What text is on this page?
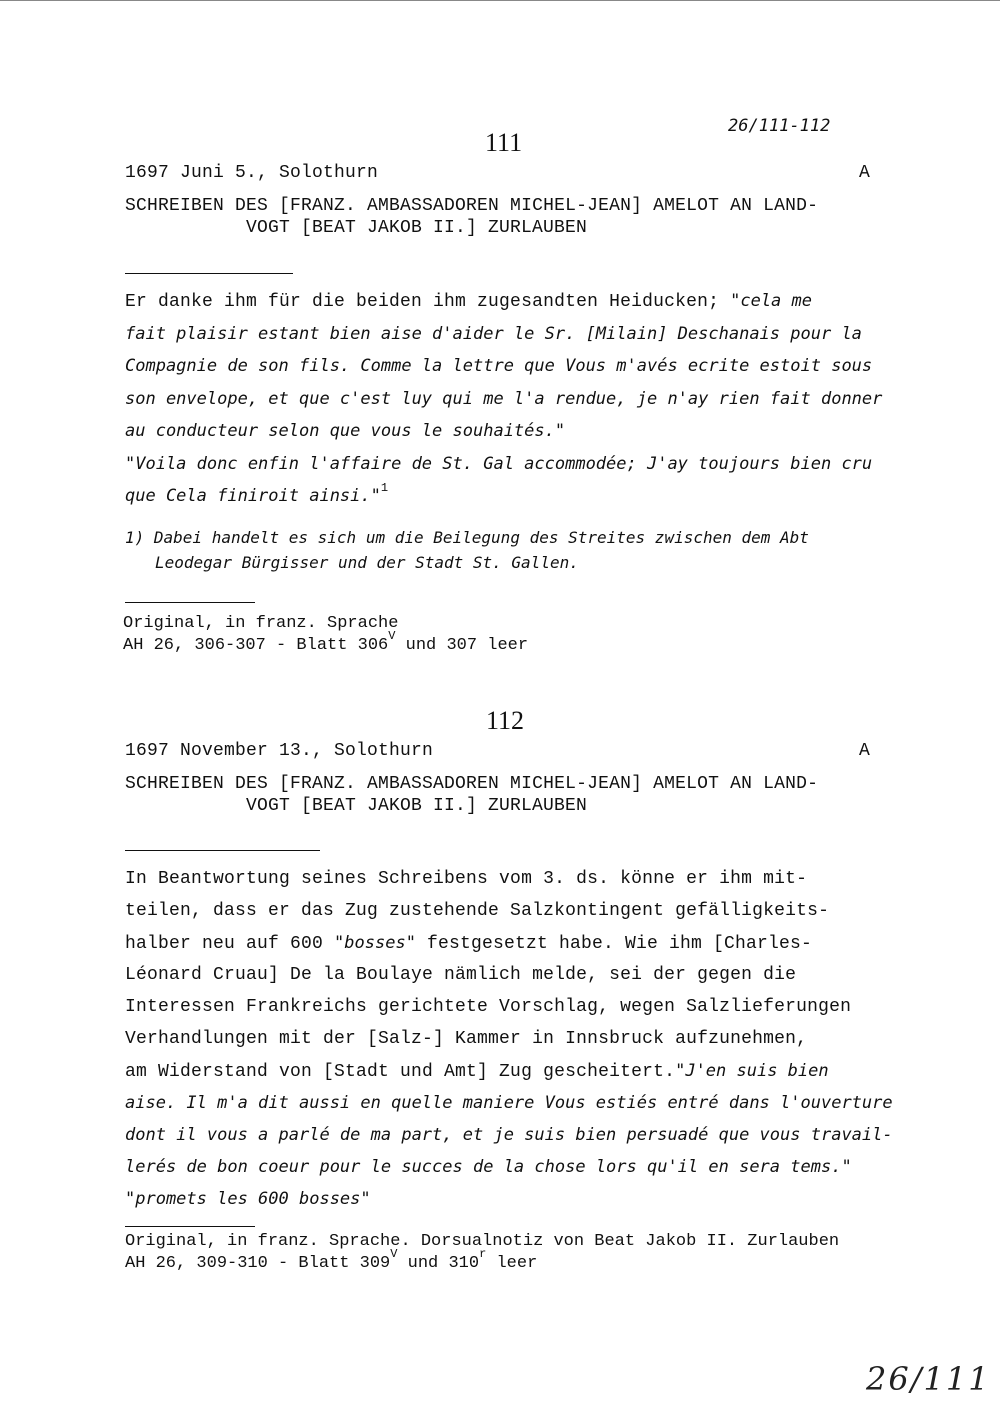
26/111-112
111
1697 Juni 5., Solothurn	A
SCHREIBEN DES [FRANZ. AMBASSADOREN MICHEL-JEAN] AMELOT AN LAND-
VOGT [BEAT JAKOB II.] ZURLAUBEN
Er danke ihm für die beiden ihm zugesandten Heiducken; "cela me
fait plaisir estant bien aise d'aider le Sr. [Milain] Deschanais pour la
Compagnie de son fils. Comme la lettre que Vous m'avés ecrite estoit sous
son envelope, et que c'est luy qui me l'a rendue, je n'ay rien fait donner
au conducteur selon que vous le souhaités."
"Voila donc enfin l'affaire de St. Gal accommodée; J'ay toujours bien cru
que Cela finiroit ainsi."$^1$
1) Dabei handelt es sich um die Beilegung des Streites zwischen dem Abt
Leodegar Bürgisser und der Stadt St. Gallen.
Original, in franz. Sprache
AH 26, 306-307 - Blatt $306^V$ und 307 leer
112
1697 November 13., Solothurn	A
SCHREIBEN DES [FRANZ. AMBASSADOREN MICHEL-JEAN] AMELOT AN LAND-
VOGT [BEAT JAKOB II.] ZURLAUBEN
In Beantwortung seines Schreibens vom 3. ds. könne er ihm mit-
teilen, dass er das Zug zustehende Salzkontingent gefälligkeits-
halber neu auf 600 "bosses" festgesetzt habe. Wie ihm [Charles-
Léonard Cruau] De la Boulaye nämlich melde, sei der gegen die
Interessen Frankreichs gerichtete Vorschlag, wegen Salzlieferungen
Verhandlungen mit der [Salz-] Kammer in Innsbruck aufzunehmen,
am Widerstand von [Stadt und Amt] Zug gescheitert."J'en suis bien
aise. Il m'a dit aussi en quelle maniere Vous estiés entré dans l'ouverture
dont il vous a parlé de ma part, et je suis bien persuadé que vous travail-
lerés de bon coeur pour le succes de la chose lors qu'il en sera tems."
"promets les 600 bosses"
Original, in franz. Sprache. Dorsualnotiz von Beat Jakob II. Zurlauben
AH 26, 309-310 - Blatt $309^V$ und 310$^r$ leer
26/111
